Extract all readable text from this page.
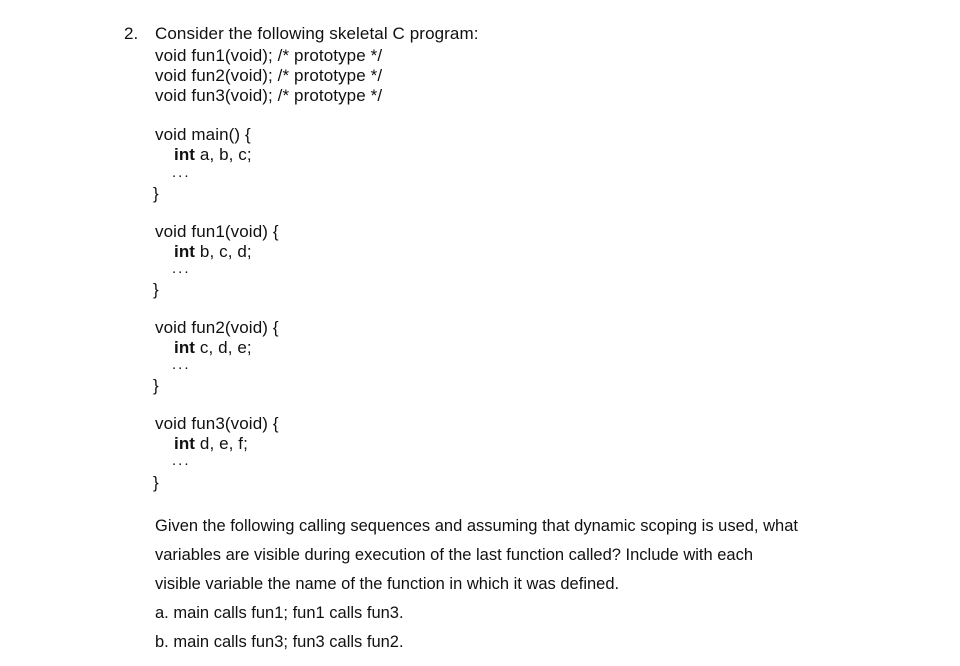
2. Consider the following skeletal C program:
void fun1(void); /* prototype */
void fun2(void); /* prototype */
void fun3(void); /* prototype */
void main() {
int a, b, c;
...
}
void fun1(void) {
int b, c, d;
...
}
void fun2(void) {
int c, d, e;
...
}
void fun3(void) {
int d, e, f;
...
}
Given the following calling sequences and assuming that dynamic scoping is used, what
variables are visible during execution of the last function called? Include with each
visible variable the name of the function in which it was defined.
a. main calls fun1; fun1 calls fun3.
b. main calls fun3; fun3 calls fun2.
